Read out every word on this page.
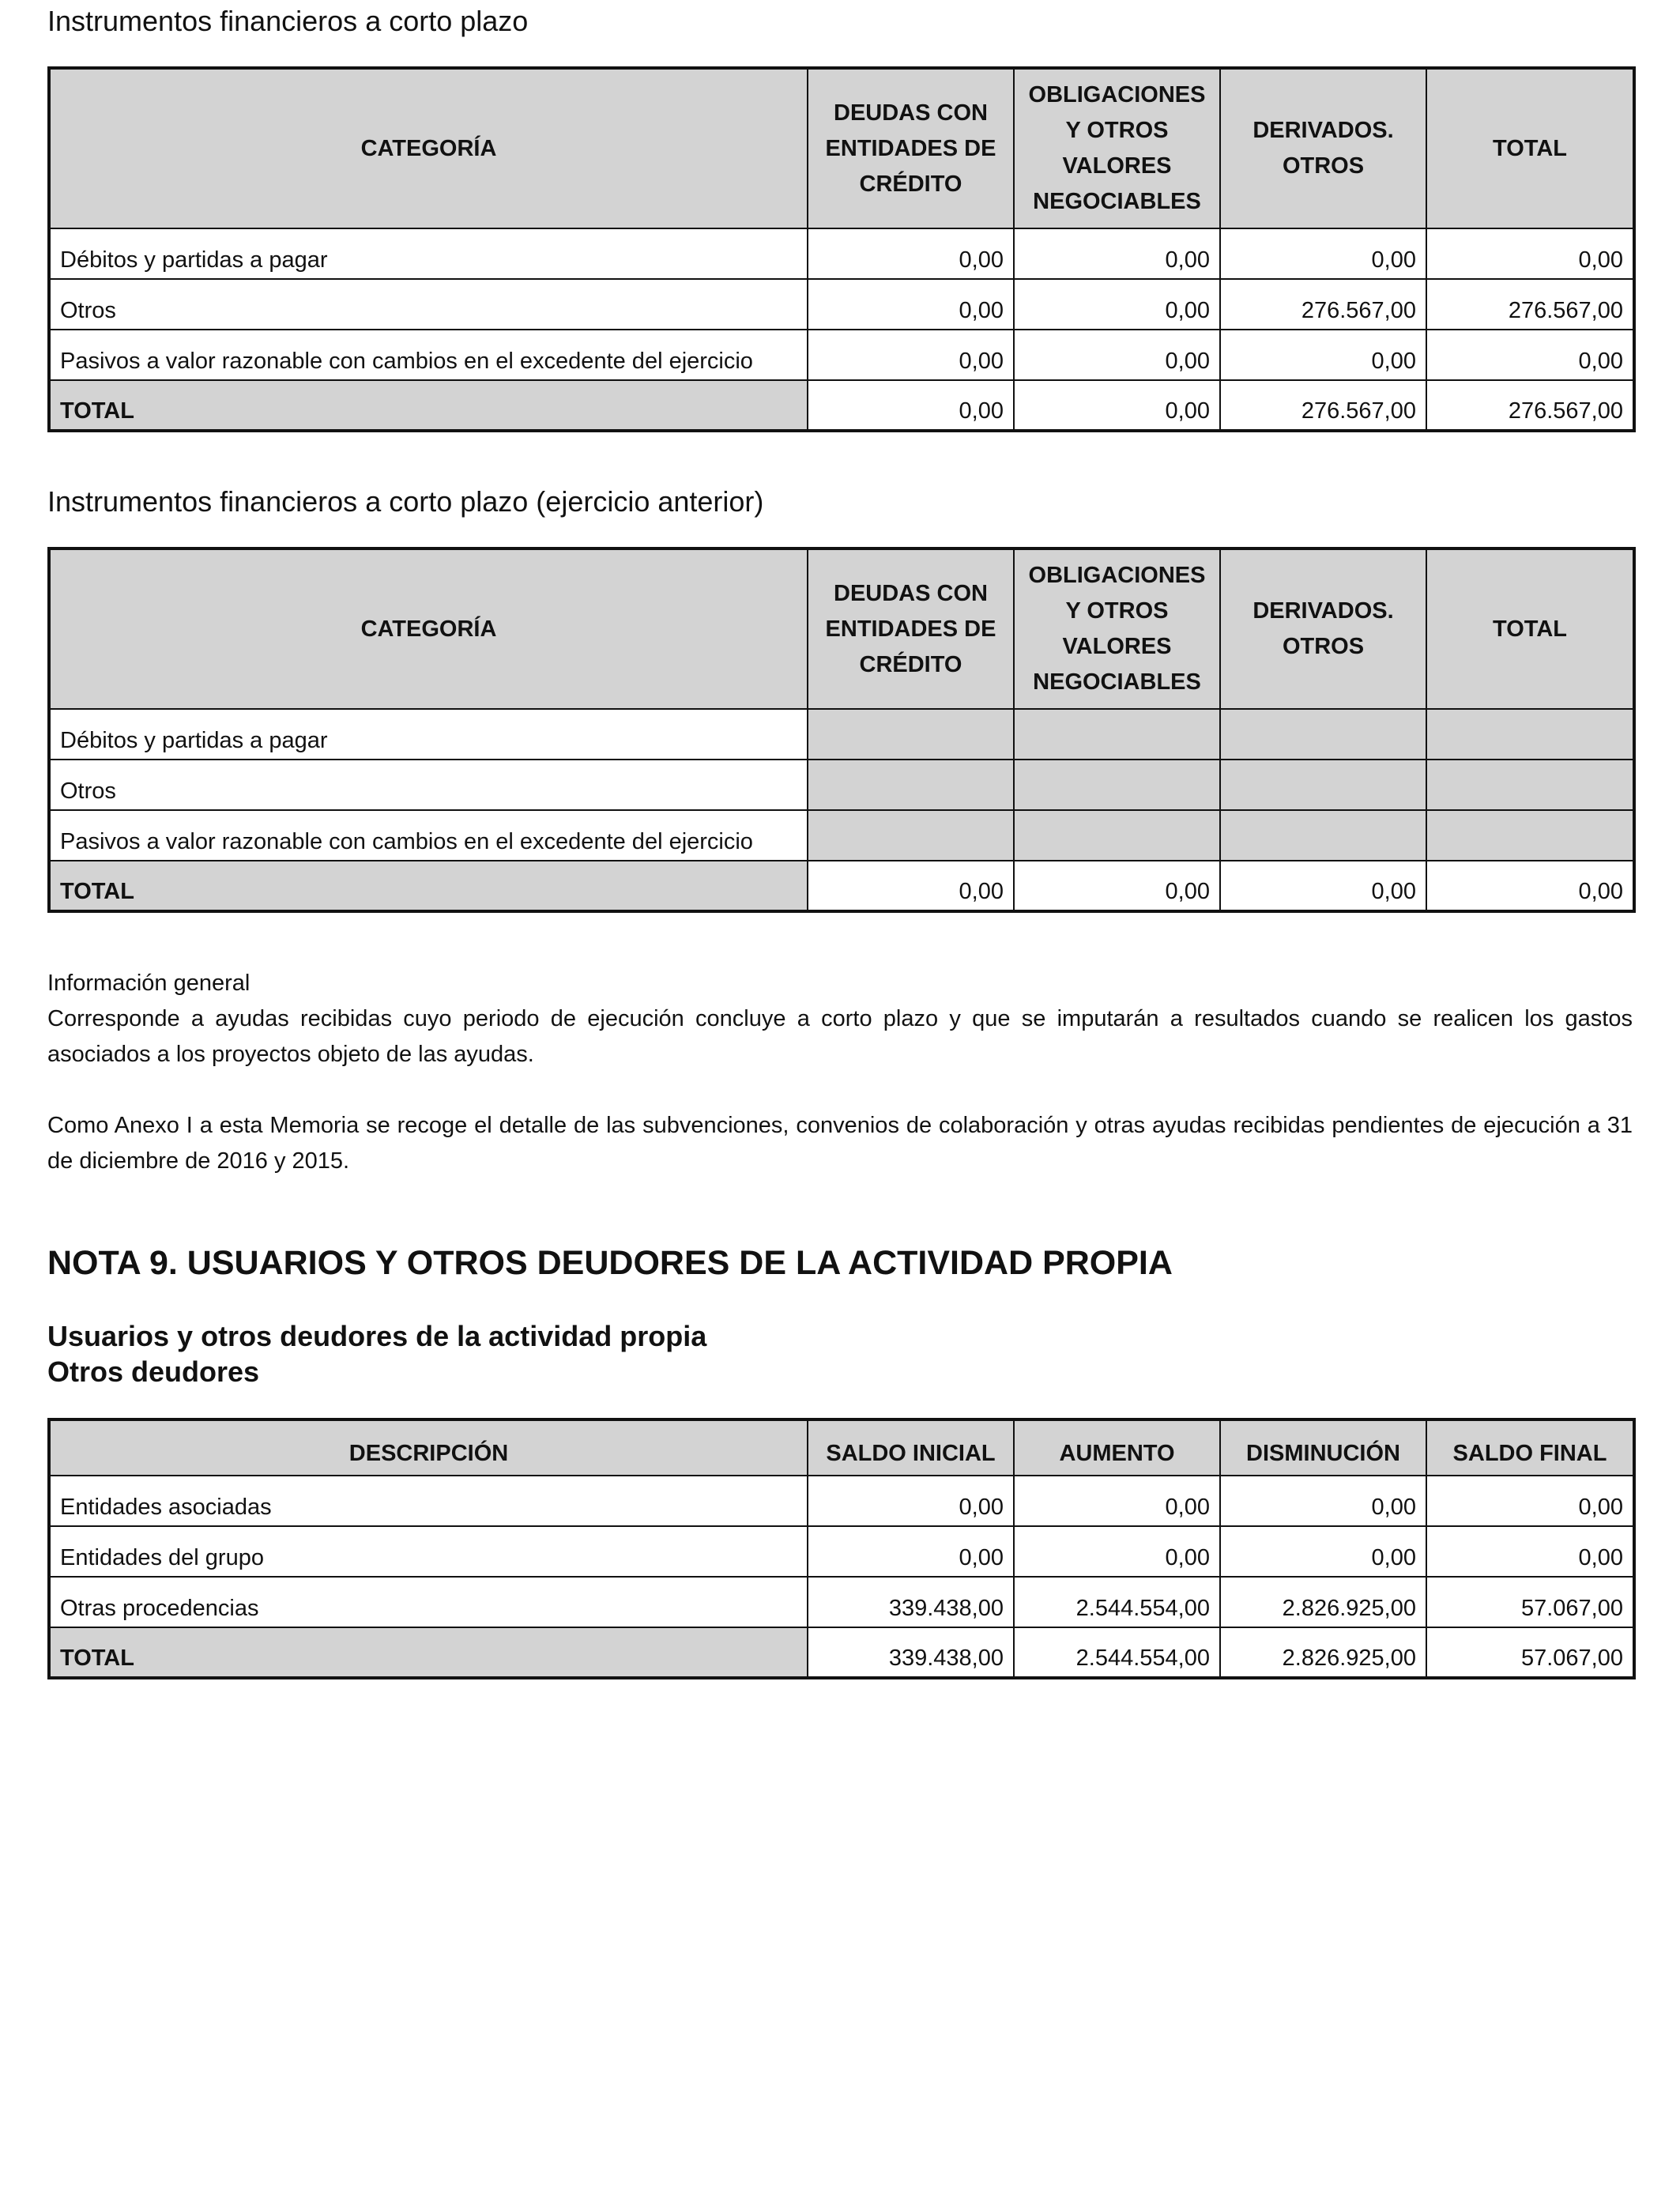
Instrumentos financieros a corto plazo
CATEGORÍA	DEUDAS CON ENTIDADES DE CRÉDITO	OBLIGACIONES Y OTROS VALORES NEGOCIABLES	DERIVADOS. OTROS	TOTAL
Débitos y partidas a pagar	0,00	0,00	0,00	0,00
Otros	0,00	0,00	276.567,00	276.567,00
Pasivos a valor razonable con cambios en el excedente del ejercicio	0,00	0,00	0,00	0,00
TOTAL	0,00	0,00	276.567,00	276.567,00
Instrumentos financieros a corto plazo (ejercicio anterior)
CATEGORÍA	DEUDAS CON ENTIDADES DE CRÉDITO	OBLIGACIONES Y OTROS VALORES NEGOCIABLES	DERIVADOS. OTROS	TOTAL
Débitos y partidas a pagar				
Otros				
Pasivos a valor razonable con cambios en el excedente del ejercicio				
TOTAL	0,00	0,00	0,00	0,00

Información general

Corresponde a ayudas recibidas cuyo periodo de ejecución concluye a corto plazo y que se imputarán a resultados cuando se realicen los gastos asociados a los proyectos objeto de las ayudas.

Como Anexo I a esta Memoria se recoge el detalle de las subvenciones, convenios de colaboración y otras ayudas recibidas pendientes de ejecución a 31 de diciembre de 2016 y 2015.

NOTA 9. USUARIOS Y OTROS DEUDORES DE LA ACTIVIDAD PROPIA
Usuarios y otros deudores de la actividad propia
Otros deudores
DESCRIPCIÓN	SALDO INICIAL	AUMENTO	DISMINUCIÓN	SALDO FINAL
Entidades asociadas	0,00	0,00	0,00	0,00
Entidades del grupo	0,00	0,00	0,00	0,00
Otras procedencias	339.438,00	2.544.554,00	2.826.925,00	57.067,00
TOTAL	339.438,00	2.544.554,00	2.826.925,00	57.067,00
